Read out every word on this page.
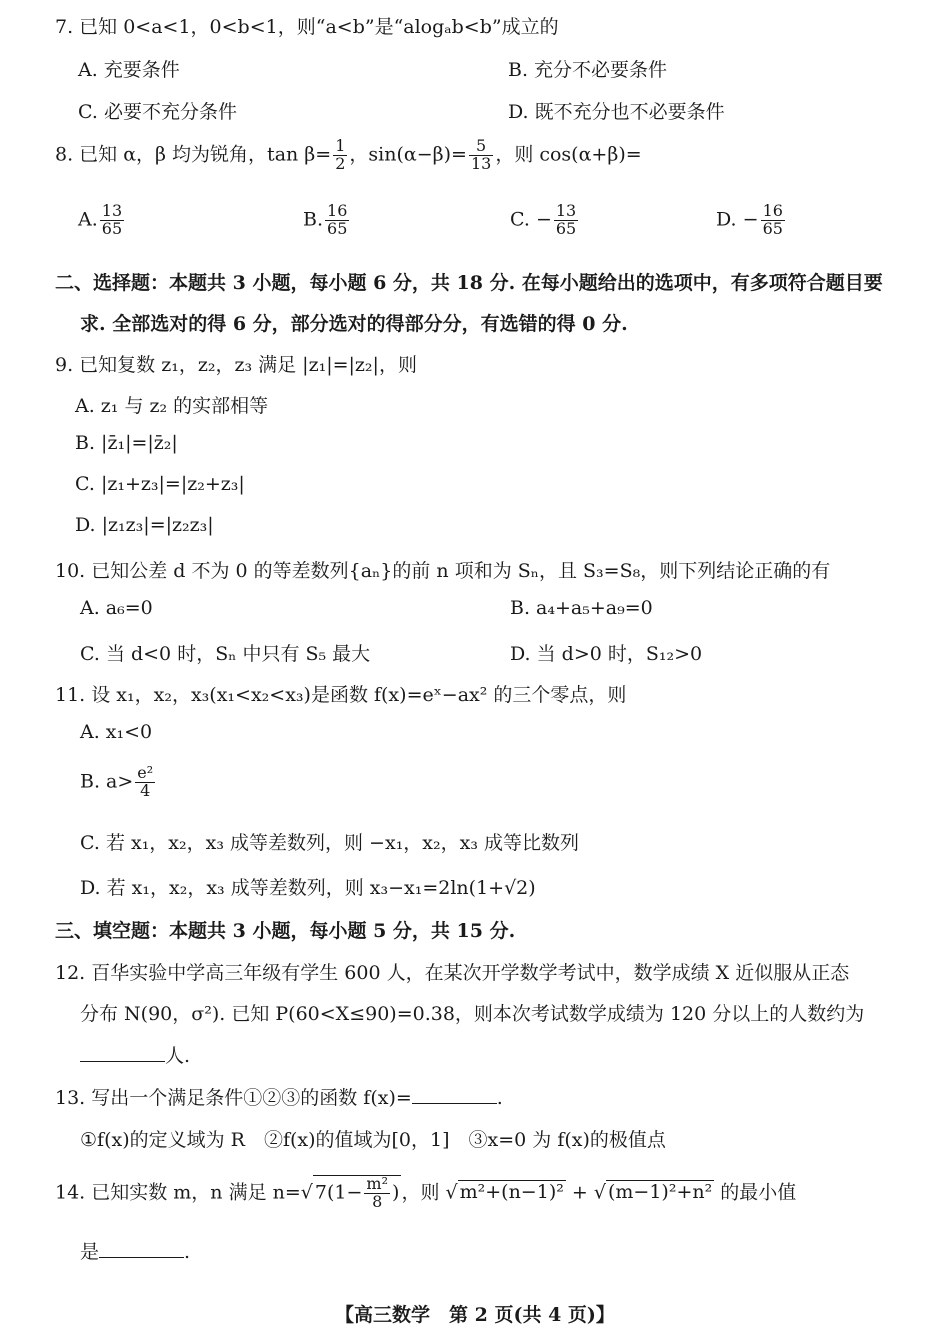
7. 已知 0<a<1，0<b<1，则“a<b”是“alogₐb<b”成立的
A. 充要条件	B. 充分不必要条件
C. 必要不充分条件	D. 既不充分也不必要条件
8. 已知 α，β 均为锐角，$\tan \beta= \frac{1}{2}$ ，$\sin(\alpha-\beta)= \frac{5}{13}$ ，则 cos(α+β)=
A. $\frac{13}{65}$	B. $\frac{16}{65}$	C. − $\frac{13}{65}$	D. − $\frac{16}{65}$
二、选择题：本题共 3 小题，每小题 6 分，共 18 分. 在每小题给出的选项中，有多项符合题目要
求. 全部选对的得 6 分，部分选对的得部分分，有选错的得 0 分.
9. 已知复数 z₁，z₂，z₃ 满足 |z₁|=|z₂|，则
A. z₁ 与 z₂ 的实部相等
B. |z̄₁|=|z̄₂|
C. |z₁+z₃|=|z₂+z₃|
D. |z₁z₃|=|z₂z₃|
10. 已知公差 d 不为 0 的等差数列{aₙ}的前 n 项和为 Sₙ，且 S₃=S₈，则下列结论正确的有
A. a₆=0	B. a₄+a₅+a₉=0
C. 当 d<0 时，Sₙ 中只有 S₅ 最大	D. 当 d>0 时，S₁₂>0
11. 设 x₁，x₂，x₃(x₁<x₂<x₃)是函数 f(x)=eˣ−ax² 的三个零点，则
A. x₁<0
B. $a> \frac{\text{e²}}{4}$
C. 若 x₁，x₂，x₃ 成等差数列，则 −x₁，x₂，x₃ 成等比数列
D. 若 x₁，x₂，x₃ 成等差数列，则 x₃−x₁=2ln(1+√2)
三、填空题：本题共 3 小题，每小题 5 分，共 15 分.
12. 百华实验中学高三年级有学生 600 人，在某次开学数学考试中，数学成绩 X 近似服从正态
分布 N(90，σ²). 已知 P(60<X≤90)=0.38，则本次考试数学成绩为 120 分以上的人数约为
人.
13. 写出一个满足条件①②③的函数 f(x)=	.
①f(x)的定义域为 R　②f(x)的值域为[0，1]　③x=0 为 f(x)的极值点
14. 已知实数 m，n 满足 n=√ $7(1- \frac{\text{m²}}{8}$ ) ，则 √ m²+(n−1)² + √ (m−1)²+n² 的最小值
是	.
【高三数学　第 2 页(共 4 页)】
